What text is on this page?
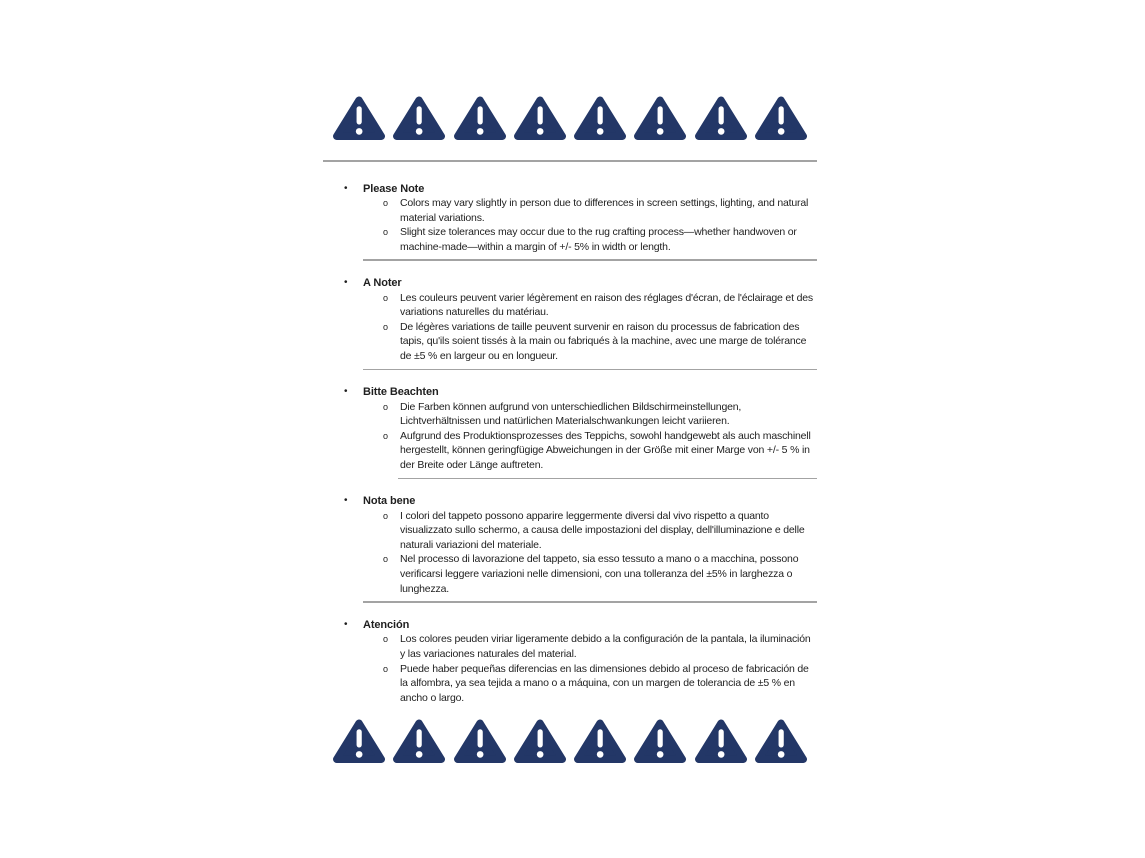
•	Please Note
o	Colors may vary slightly in person due to differences in screen settings, lighting, and natural material variations.

o	Slight size tolerances may occur due to the rug crafting process—whether handwoven or machine-made—within a margin of +/- 5% in width or length.

•	A Noter
o	Les couleurs peuvent varier légèrement en raison des réglages d'écran, de l'éclairage et des variations naturelles du matériau.

o	De légères variations de taille peuvent survenir en raison du processus de fabrication des tapis, qu'ils soient tissés à la main ou fabriqués à la machine, avec une marge de tolérance de ±5 % en largeur ou en longueur.

•	Bitte Beachten
o	Die Farben können aufgrund von unterschiedlichen Bildschirmeinstellungen, Lichtverhältnissen und natürlichen Materialschwankungen leicht variieren.

o	Aufgrund des Produktionsprozesses des Teppichs, sowohl handgewebt als auch maschinell hergestellt, können geringfügige Abweichungen in der Größe mit einer Marge von +/- 5 % in der Breite oder Länge auftreten.

•	Nota bene
o	I colori del tappeto possono apparire leggermente diversi dal vivo rispetto a quanto visualizzato sullo schermo, a causa delle impostazioni del display, dell'illuminazione e delle naturali variazioni del materiale.

o	Nel processo di lavorazione del tappeto, sia esso tessuto a mano o a macchina, possono verificarsi leggere variazioni nelle dimensioni, con una tolleranza del ±5% in larghezza o lunghezza.

•	Atención
o	Los colores peuden viriar ligeramente debido a la configuración de la pantala, la iluminación y las variaciones naturales del material.

o	Puede haber pequeñas diferencias en las dimensiones debido al proceso de fabricación de la alfombra, ya sea tejida a mano o a máquina, con un margen de tolerancia de ±5 % en ancho o largo.
